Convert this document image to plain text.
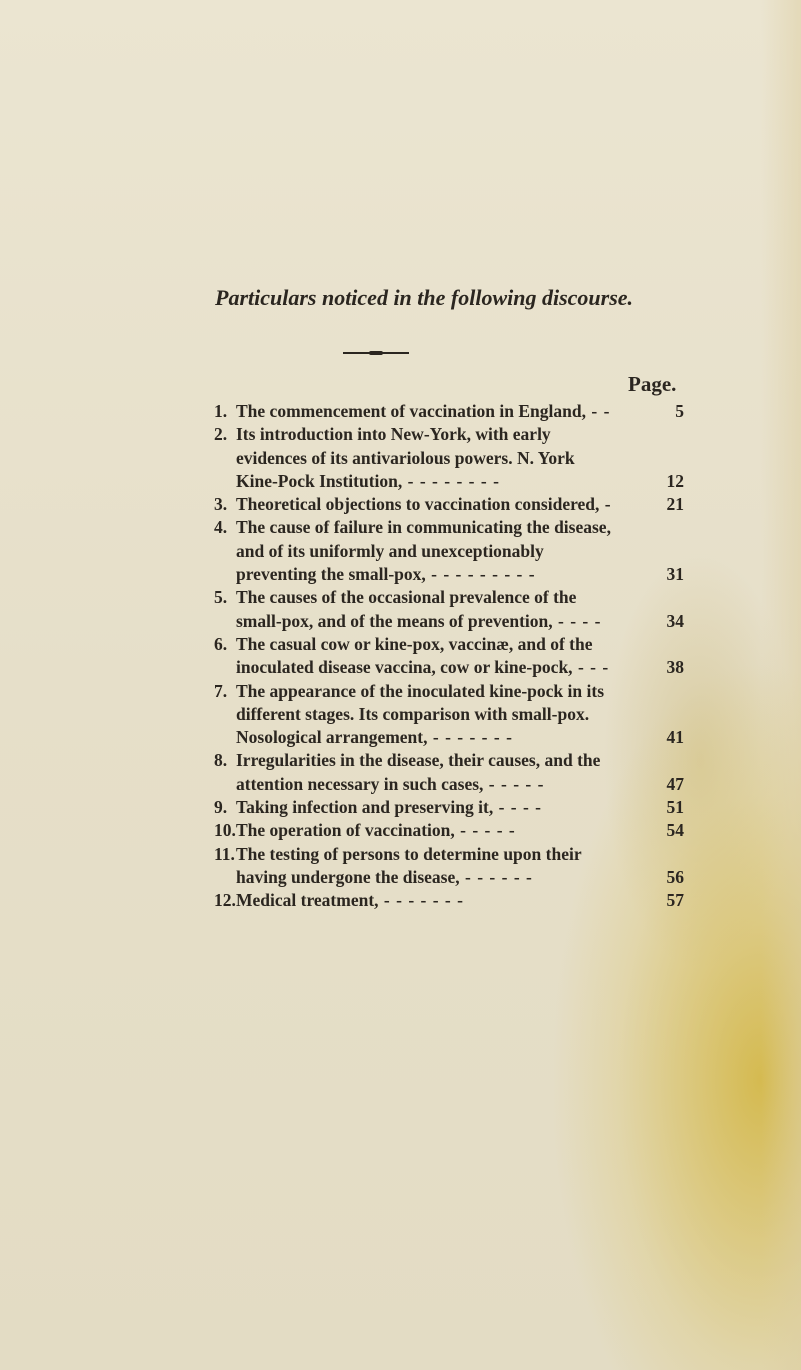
Particulars noticed in the following discourse.
Page.

1. The commencement of vaccination in England, - -	5

2. Its introduction into New-York, with early evidences of its antivariolous powers. N. York Kine-Pock Institution, - - - - - - - -	12

3. Theoretical objections to vaccination considered, -	21

4. The cause of failure in communicating the disease, and of its uniformly and unexceptionably preventing the small-pox, - - - - - - - - -	31

5. The causes of the occasional prevalence of the small-pox, and of the means of prevention, - - - -	34

6. The casual cow or kine-pox, vaccinæ, and of the inoculated disease vaccina, cow or kine-pock, - - -	38

7. The appearance of the inoculated kine-pock in its different stages. Its comparison with small-pox. Nosological arrangement, - - - - - - -	41

8. Irregularities in the disease, their causes, and the attention necessary in such cases, - - - - -	47

9. Taking infection and preserving it, - - - -	51

10. The operation of vaccination, - - - - -	54

11. The testing of persons to determine upon their having undergone the disease, - - - - - -	56

12. Medical treatment, - - - - - - -	57
